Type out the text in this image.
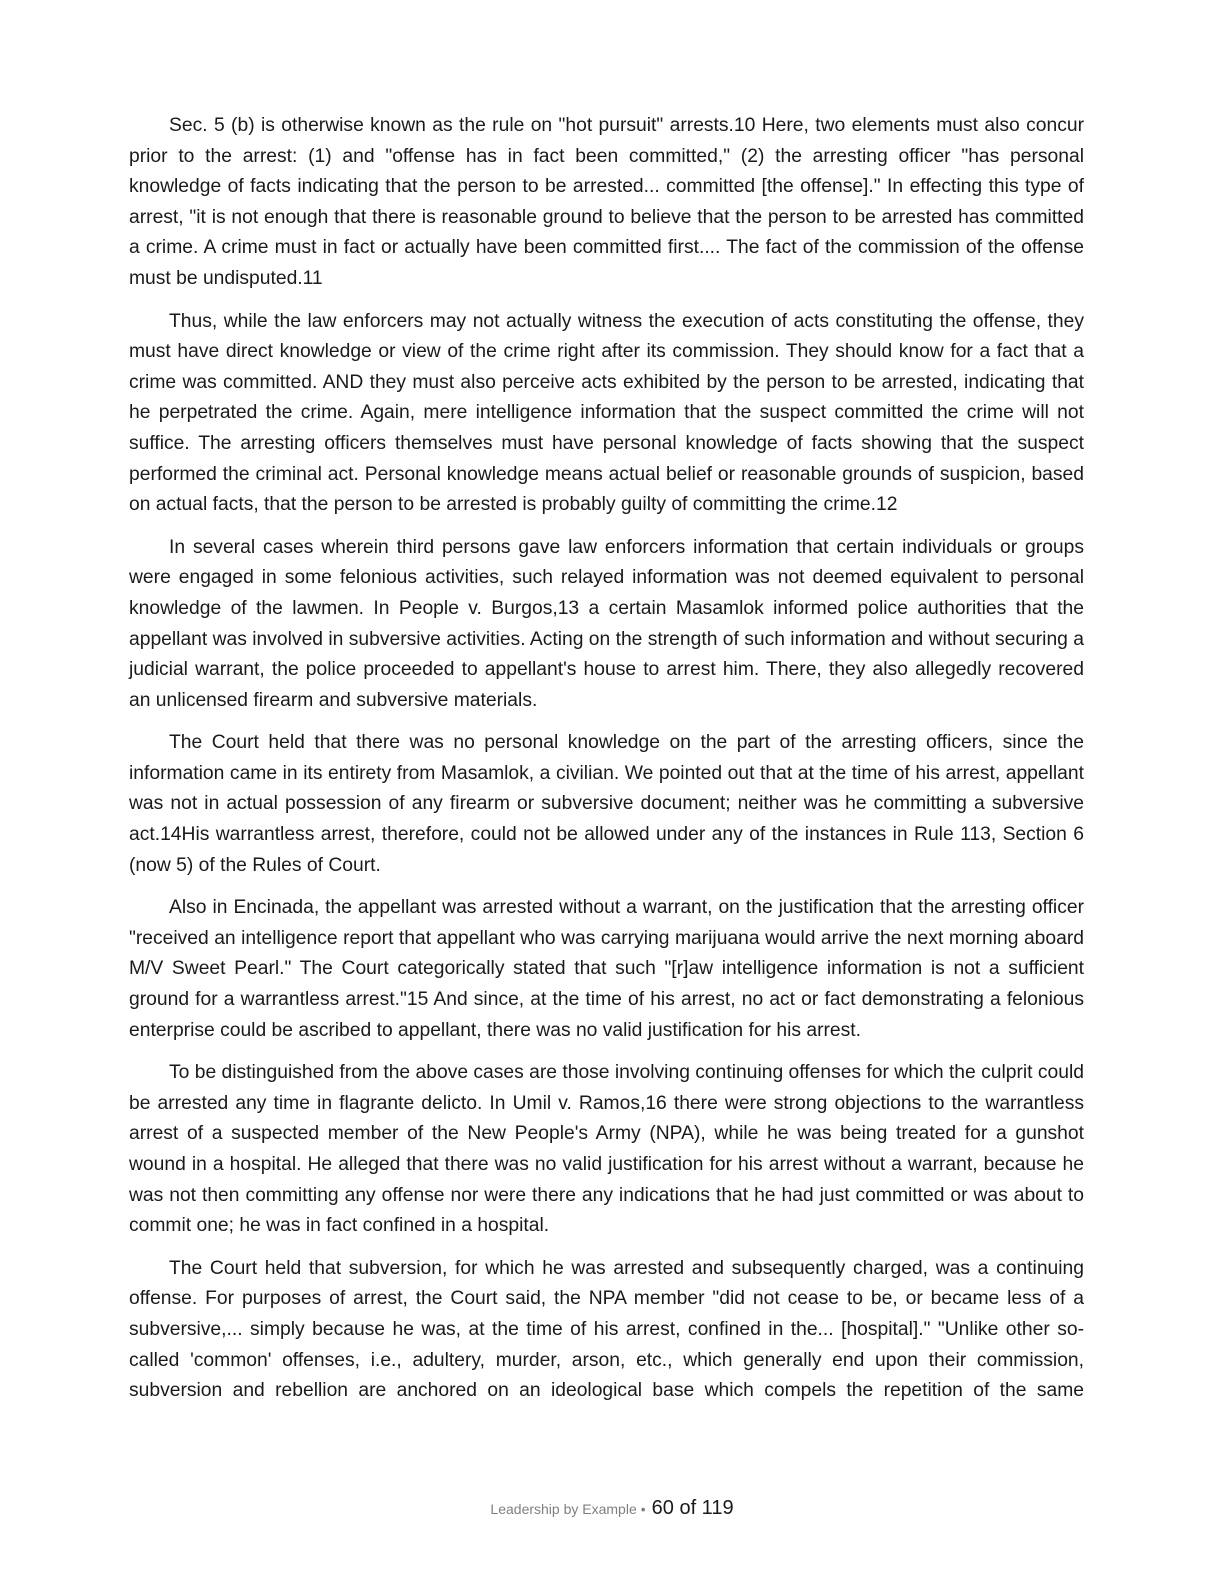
Sec. 5 (b) is otherwise known as the rule on "hot pursuit" arrests.10 Here, two elements must also concur prior to the arrest: (1) and "offense has in fact been committed," (2) the arresting officer "has personal knowledge of facts indicating that the person to be arrested... committed [the offense]." In effecting this type of arrest, "it is not enough that there is reasonable ground to believe that the person to be arrested has committed a crime. A crime must in fact or actually have been committed first.... The fact of the commission of the offense must be undisputed.11

Thus, while the law enforcers may not actually witness the execution of acts constituting the offense, they must have direct knowledge or view of the crime right after its commission. They should know for a fact that a crime was committed. AND they must also perceive acts exhibited by the person to be arrested, indicating that he perpetrated the crime. Again, mere intelligence information that the suspect committed the crime will not suffice. The arresting officers themselves must have personal knowledge of facts showing that the suspect performed the criminal act. Personal knowledge means actual belief or reasonable grounds of suspicion, based on actual facts, that the person to be arrested is probably guilty of committing the crime.12

In several cases wherein third persons gave law enforcers information that certain individuals or groups were engaged in some felonious activities, such relayed information was not deemed equivalent to personal knowledge of the lawmen. In People v. Burgos,13 a certain Masamlok informed police authorities that the appellant was involved in subversive activities. Acting on the strength of such information and without securing a judicial warrant, the police proceeded to appellant's house to arrest him. There, they also allegedly recovered an unlicensed firearm and subversive materials.

The Court held that there was no personal knowledge on the part of the arresting officers, since the information came in its entirety from Masamlok, a civilian. We pointed out that at the time of his arrest, appellant was not in actual possession of any firearm or subversive document; neither was he committing a subversive act.14His warrantless arrest, therefore, could not be allowed under any of the instances in Rule 113, Section 6 (now 5) of the Rules of Court.

Also in Encinada, the appellant was arrested without a warrant, on the justification that the arresting officer "received an intelligence report that appellant who was carrying marijuana would arrive the next morning aboard M/V Sweet Pearl." The Court categorically stated that such "[r]aw intelligence information is not a sufficient ground for a warrantless arrest."15 And since, at the time of his arrest, no act or fact demonstrating a felonious enterprise could be ascribed to appellant, there was no valid justification for his arrest.

To be distinguished from the above cases are those involving continuing offenses for which the culprit could be arrested any time in flagrante delicto. In Umil v. Ramos,16 there were strong objections to the warrantless arrest of a suspected member of the New People's Army (NPA), while he was being treated for a gunshot wound in a hospital. He alleged that there was no valid justification for his arrest without a warrant, because he was not then committing any offense nor were there any indications that he had just committed or was about to commit one; he was in fact confined in a hospital.

The Court held that subversion, for which he was arrested and subsequently charged, was a continuing offense. For purposes of arrest, the Court said, the NPA member "did not cease to be, or became less of a subversive,... simply because he was, at the time of his arrest, confined in the... [hospital]." "Unlike other so-called 'common' offenses, i.e., adultery, murder, arson, etc., which generally end upon their commission, subversion and rebellion are anchored on an ideological base which compels the repetition of the same

Leadership by Example • 60 of 119
